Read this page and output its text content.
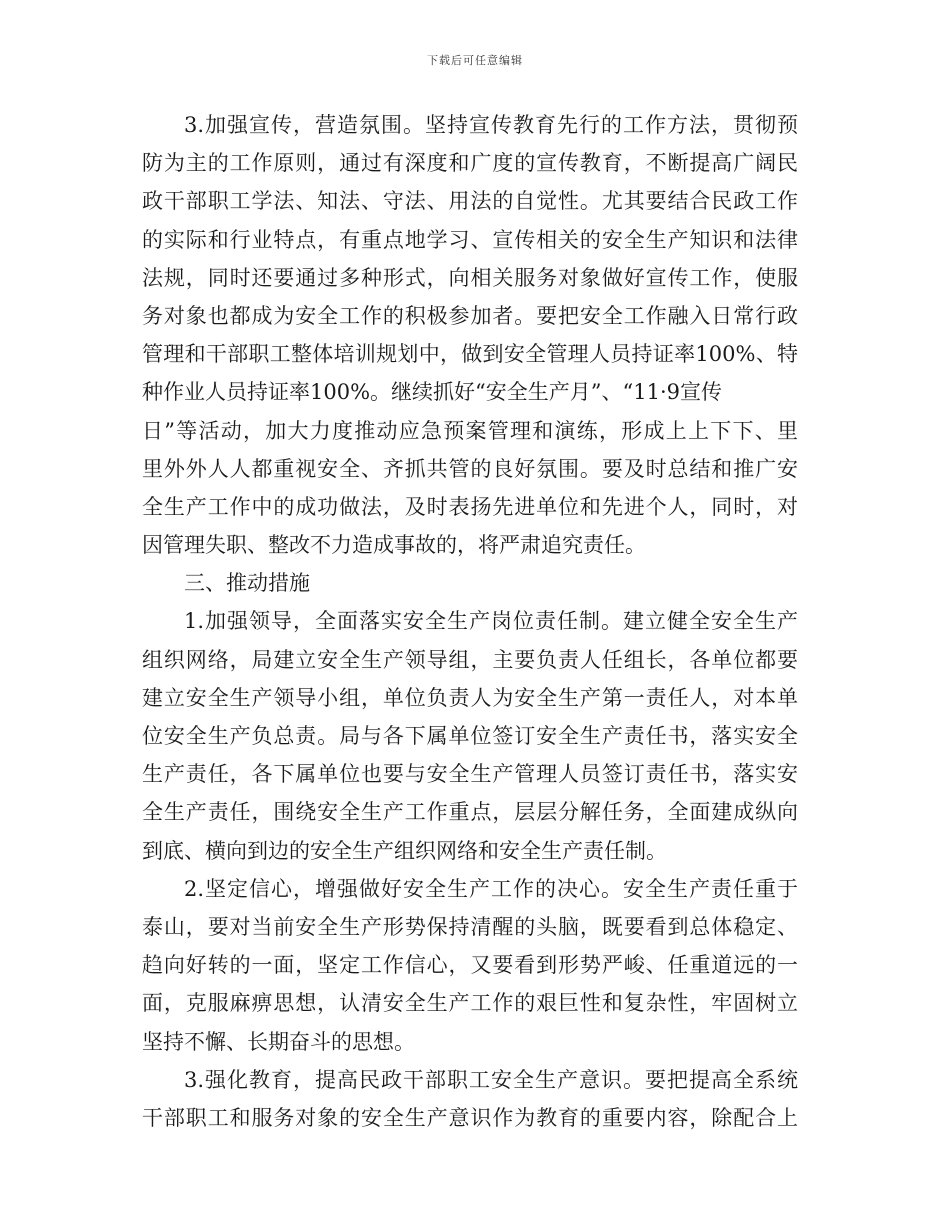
下载后可任意编辑
3.加强宣传，营造氛围。坚持宣传教育先行的工作方法，贯彻预
防为主的工作原则，通过有深度和广度的宣传教育，不断提高广阔民
政干部职工学法、知法、守法、用法的自觉性。尤其要结合民政工作
的实际和行业特点，有重点地学习、宣传相关的安全生产知识和法律
法规，同时还要通过多种形式，向相关服务对象做好宣传工作，使服
务对象也都成为安全工作的积极参加者。要把安全工作融入日常行政
管理和干部职工整体培训规划中，做到安全管理人员持证率100%、特
种作业人员持证率100%。继续抓好“安全生产月”、“11·9宣传
日”等活动，加大力度推动应急预案管理和演练，形成上上下下、里
里外外人人都重视安全、齐抓共管的良好氛围。要及时总结和推广安
全生产工作中的成功做法，及时表扬先进单位和先进个人，同时，对
因管理失职、整改不力造成事故的，将严肃追究责任。
三、推动措施
1.加强领导，全面落实安全生产岗位责任制。建立健全安全生产
组织网络，局建立安全生产领导组，主要负责人任组长，各单位都要
建立安全生产领导小组，单位负责人为安全生产第一责任人，对本单
位安全生产负总责。局与各下属单位签订安全生产责任书，落实安全
生产责任，各下属单位也要与安全生产管理人员签订责任书，落实安
全生产责任，围绕安全生产工作重点，层层分解任务，全面建成纵向
到底、横向到边的安全生产组织网络和安全生产责任制。
2.坚定信心，增强做好安全生产工作的决心。安全生产责任重于
泰山，要对当前安全生产形势保持清醒的头脑，既要看到总体稳定、
趋向好转的一面，坚定工作信心，又要看到形势严峻、任重道远的一
面，克服麻痹思想，认清安全生产工作的艰巨性和复杂性，牢固树立
坚持不懈、长期奋斗的思想。
3.强化教育，提高民政干部职工安全生产意识。要把提高全系统
干部职工和服务对象的安全生产意识作为教育的重要内容，除配合上
